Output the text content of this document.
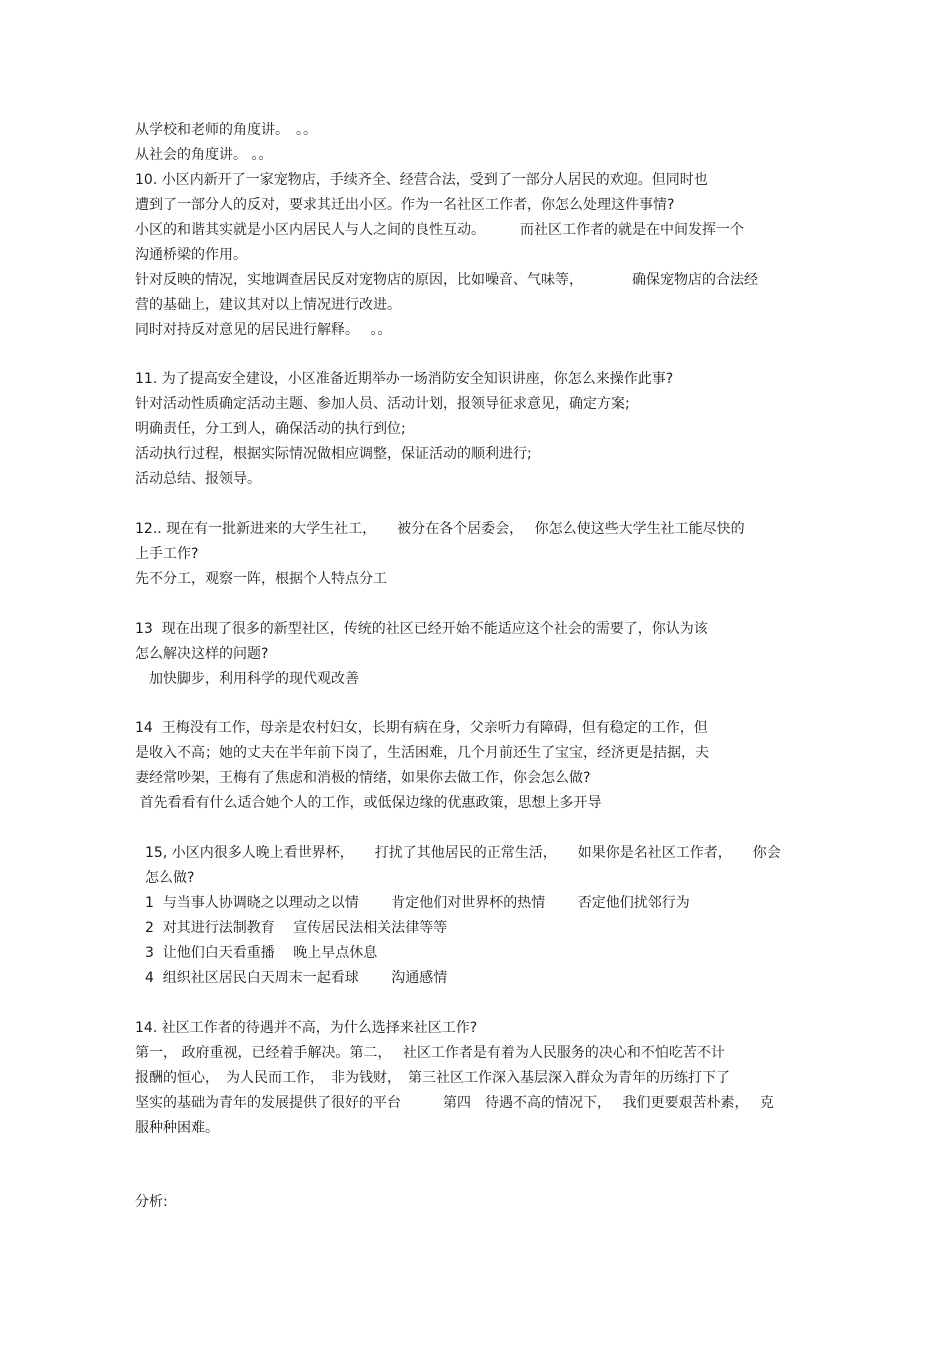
从学校和老师的角度讲。　。。
从社会的角度讲。 。。
10. 小区内新开了一家宠物店，手续齐全、经营合法，受到了一部分人居民的欢迎。但同时也
遭到了一部分人的反对，要求其迁出小区。作为一名社区工作者，你怎么处理这件事情?
小区的和谐其实就是小区内居民人与人之间的良性互动。　　　而社区工作者的就是在中间发挥一个
沟通桥梁的作用。
针对反映的情况，实地调查居民反对宠物店的原因，比如噪音、气味等，　　　　确保宠物店的合法经
营的基础上，建议其对以上情况进行改进。
同时对持反对意见的居民进行解释。　 。。
11. 为了提高安全建设，小区准备近期举办一场消防安全知识讲座，你怎么来操作此事?
针对活动性质确定活动主题、参加人员、活动计划，报领导征求意见，确定方案;
明确责任，分工到人，确保活动的执行到位;
活动执行过程，根据实际情况做相应调整，保证活动的顺利进行;
活动总结、报领导。
12.. 现在有一批新进来的大学生社工，　　被分在各个居委会，　 你怎么使这些大学生社工能尽快的
上手工作?
先不分工，观察一阵，根据个人特点分工
13  现在出现了很多的新型社区，传统的社区已经开始不能适应这个社会的需要了，你认为该
怎么解决这样的问题?
　加快脚步，利用科学的现代观改善
14  王梅没有工作，母亲是农村妇女，长期有病在身，父亲听力有障碍，但有稳定的工作，但
是收入不高；她的丈夫在半年前下岗了，生活困难，几个月前还生了宝宝，经济更是拮据，夫
妻经常吵架，王梅有了焦虑和消极的情绪，如果你去做工作，你会怎么做?
首先看看有什么适合她个人的工作，或低保边缘的优惠政策，思想上多开导
15, 小区内很多人晚上看世界杯，　　打扰了其他居民的正常生活，　　如果你是名社区工作者，　　你会
怎么做?
1  与当事人协调晓之以理动之以情　　 肯定他们对世界杯的热情　　 否定他们扰邻行为
2  对其进行法制教育　 宣传居民法相关法律等等
3  让他们白天看重播　 晚上早点休息
4  组织社区居民白天周末一起看球　　 沟通感情
14. 社区工作者的待遇并不高，为什么选择来社区工作?
第一， 政府重视，已经着手解决。第二，　 社区工作者是有着为人民服务的决心和不怕吃苦不计
报酬的恒心，　为人民而工作，　非为钱财，　第三社区工作深入基层深入群众为青年的历练打下了
坚实的基础为青年的发展提供了很好的平台　　　第四　待遇不高的情况下，　 我们更要艰苦朴素，　 克
服种种困难。
分析:
